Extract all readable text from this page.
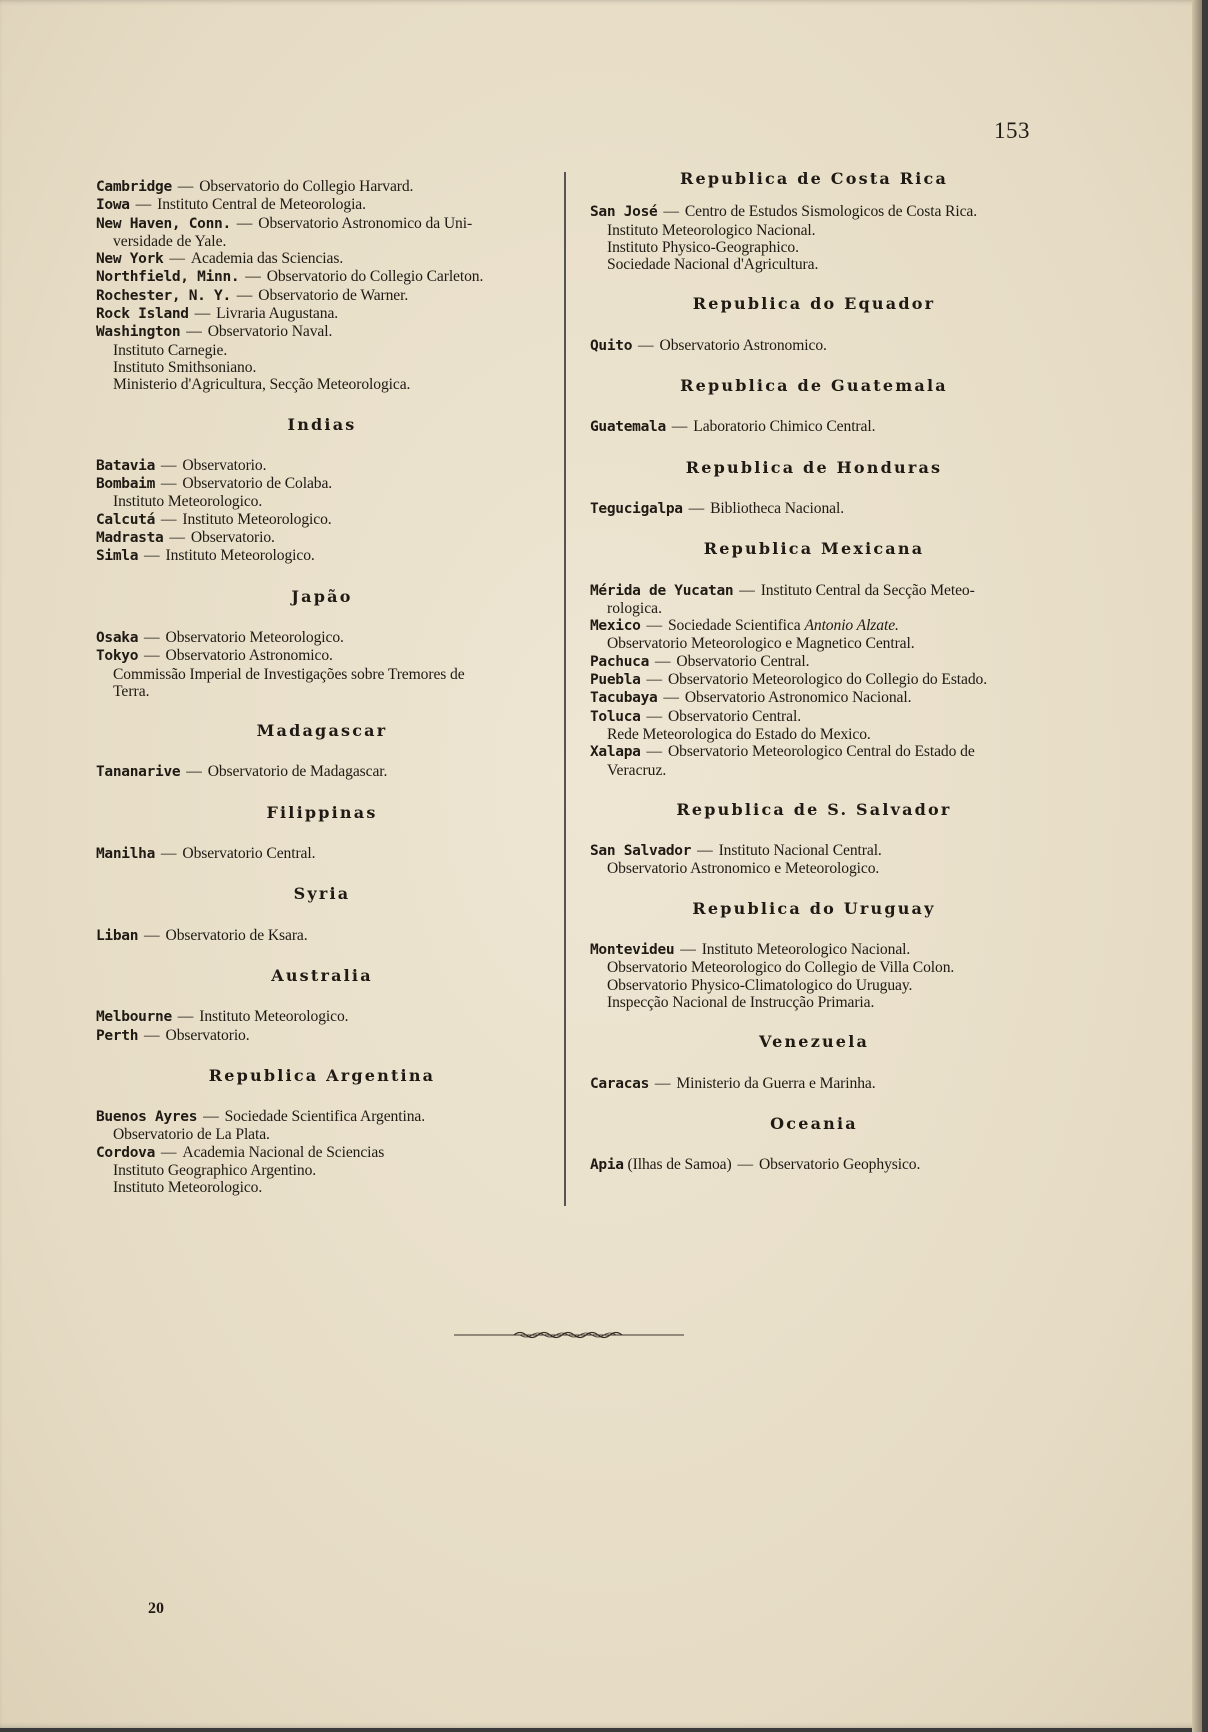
153
Cambridge — Observatorio do Collegio Harvard.
Iowa — Instituto Central de Meteorologia.
New Haven, Conn. — Observatorio Astronomico da Uni-
versidade de Yale.
New York — Academia das Sciencias.
Northfield, Minn. — Observatorio do Collegio Carleton.
Rochester, N. Y. — Observatorio de Warner.
Rock Island — Livraria Augustana.
Washington — Observatorio Naval.
Instituto Carnegie.
Instituto Smithsoniano.
Ministerio d'Agricultura, Secção Meteorologica.
Indias
Batavia — Observatorio.
Bombaim — Observatorio de Colaba.
Instituto Meteorologico.
Calcutá — Instituto Meteorologico.
Madrasta — Observatorio.
Simla — Instituto Meteorologico.
Japão
Osaka — Observatorio Meteorologico.
Tokyo — Observatorio Astronomico.
Commissão Imperial de Investigações sobre Tremores de
Terra.
Madagascar
Tananarive — Observatorio de Madagascar.
Filippinas
Manilha — Observatorio Central.
Syria
Liban — Observatorio de Ksara.
Australia
Melbourne — Instituto Meteorologico.
Perth — Observatorio.
Republica Argentina
Buenos Ayres — Sociedade Scientifica Argentina.
Observatorio de La Plata.
Cordova — Academia Nacional de Sciencias
Instituto Geographico Argentino.
Instituto Meteorologico.
Republica de Costa Rica
San José — Centro de Estudos Sismologicos de Costa Rica.
Instituto Meteorologico Nacional.
Instituto Physico-Geographico.
Sociedade Nacional d'Agricultura.
Republica do Equador
Quito — Observatorio Astronomico.
Republica de Guatemala
Guatemala — Laboratorio Chimico Central.
Republica de Honduras
Tegucigalpa — Bibliotheca Nacional.
Republica Mexicana
Mérida de Yucatan — Instituto Central da Secção Meteo-
rologica.
Mexico — Sociedade Scientifica Antonio Alzate.
Observatorio Meteorologico e Magnetico Central.
Pachuca — Observatorio Central.
Puebla — Observatorio Meteorologico do Collegio do Estado.
Tacubaya — Observatorio Astronomico Nacional.
Toluca — Observatorio Central.
Rede Meteorologica do Estado do Mexico.
Xalapa — Observatorio Meteorologico Central do Estado de
Veracruz.
Republica de S. Salvador
San Salvador — Instituto Nacional Central.
Observatorio Astronomico e Meteorologico.
Republica do Uruguay
Montevideu — Instituto Meteorologico Nacional.
Observatorio Meteorologico do Collegio de Villa Colon.
Observatorio Physico-Climatologico do Uruguay.
Inspecção Nacional de Instrucção Primaria.
Venezuela
Caracas — Ministerio da Guerra e Marinha.
Oceania
Apia (Ilhas de Samoa) — Observatorio Geophysico.
20
